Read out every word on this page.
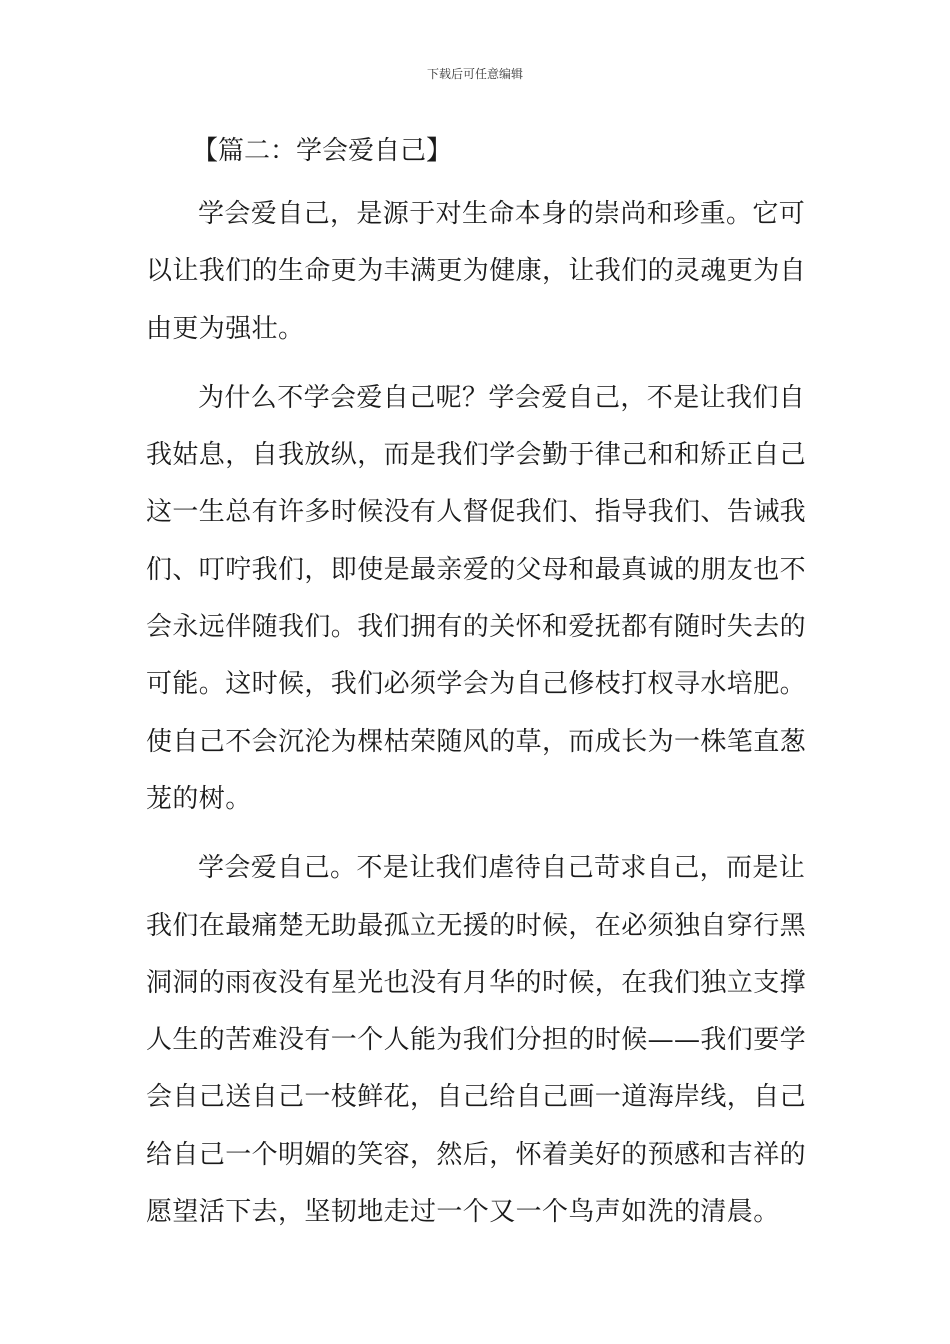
下载后可任意编辑
【篇二：学会爱自己】

学会爱自己，是源于对生命本身的崇尚和珍重。它可
以让我们的生命更为丰满更为健康，让我们的灵魂更为自
由更为强壮。

为什么不学会爱自己呢？学会爱自己，不是让我们自
我姑息，自我放纵，而是我们学会勤于律己和和矫正自己
这一生总有许多时候没有人督促我们、指导我们、告诫我
们、叮咛我们，即使是最亲爱的父母和最真诚的朋友也不
会永远伴随我们。我们拥有的关怀和爱抚都有随时失去的
可能。这时候，我们必须学会为自己修枝打杈寻水培肥。
使自己不会沉沦为棵枯荣随风的草，而成长为一株笔直葱
茏的树。

学会爱自己。不是让我们虐待自己苛求自己，而是让
我们在最痛楚无助最孤立无援的时候，在必须独自穿行黑
洞洞的雨夜没有星光也没有月华的时候，在我们独立支撑
人生的苦难没有一个人能为我们分担的时候——我们要学
会自己送自己一枝鲜花，自己给自己画一道海岸线，自己
给自己一个明媚的笑容，然后，怀着美好的预感和吉祥的
愿望活下去，坚韧地走过一个又一个鸟声如洗的清晨。
